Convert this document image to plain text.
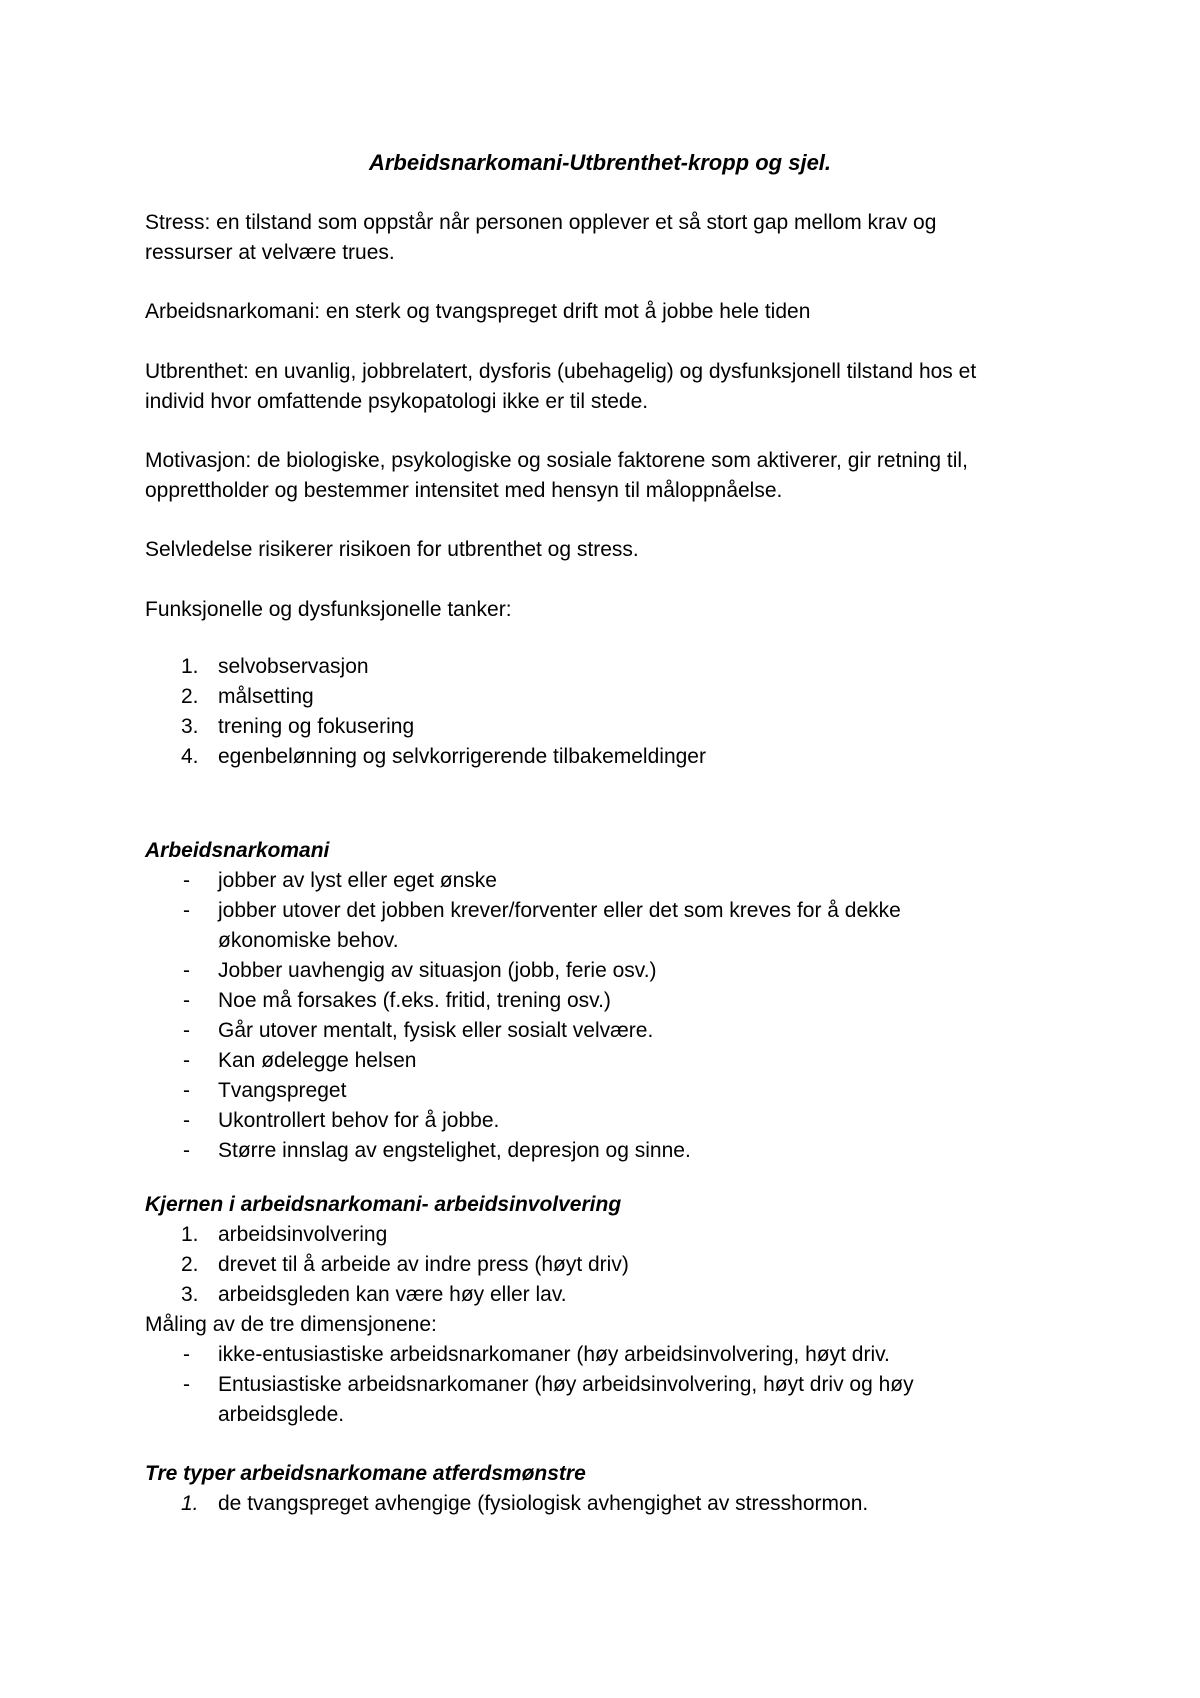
Arbeidsnarkomani-Utbrenthet-kropp og sjel.
Stress: en tilstand som oppstår når personen opplever et så stort gap mellom krav og
ressurser at velvære trues.
Arbeidsnarkomani: en sterk og tvangspreget drift mot å jobbe hele tiden
Utbrenthet: en uvanlig, jobbrelatert, dysforis (ubehagelig) og dysfunksjonell tilstand hos et
individ hvor omfattende psykopatologi ikke er til stede.
Motivasjon: de biologiske, psykologiske og sosiale faktorene som aktiverer, gir retning til,
opprettholder og bestemmer intensitet med hensyn til måloppnåelse.
Selvledelse risikerer risikoen for utbrenthet og stress.
Funksjonelle og dysfunksjonelle tanker:
1. selvobservasjon
2. målsetting
3. trening og fokusering
4. egenbelønning og selvkorrigerende tilbakemeldinger
Arbeidsnarkomani
-	jobber av lyst eller eget ønske
-	jobber utover det jobben krever/forventer eller det som kreves for å dekke
økonomiske behov.
-	Jobber uavhengig av situasjon (jobb, ferie osv.)
-	Noe må forsakes (f.eks. fritid, trening osv.)
-	Går utover mentalt, fysisk eller sosialt velvære.
-	Kan ødelegge helsen
-	Tvangspreget
-	Ukontrollert behov for å jobbe.
-	Større innslag av engstelighet, depresjon og sinne.
Kjernen i arbeidsnarkomani- arbeidsinvolvering
1. arbeidsinvolvering
2. drevet til å arbeide av indre press (høyt driv)
3. arbeidsgleden kan være høy eller lav.
Måling av de tre dimensjonene:
-	ikke-entusiastiske arbeidsnarkomaner (høy arbeidsinvolvering, høyt driv.
-	Entusiastiske arbeidsnarkomaner (høy arbeidsinvolvering, høyt driv og høy
arbeidsglede.
Tre typer arbeidsnarkomane atferdsmønstre
1. de tvangspreget avhengige (fysiologisk avhengighet av stresshormon.
